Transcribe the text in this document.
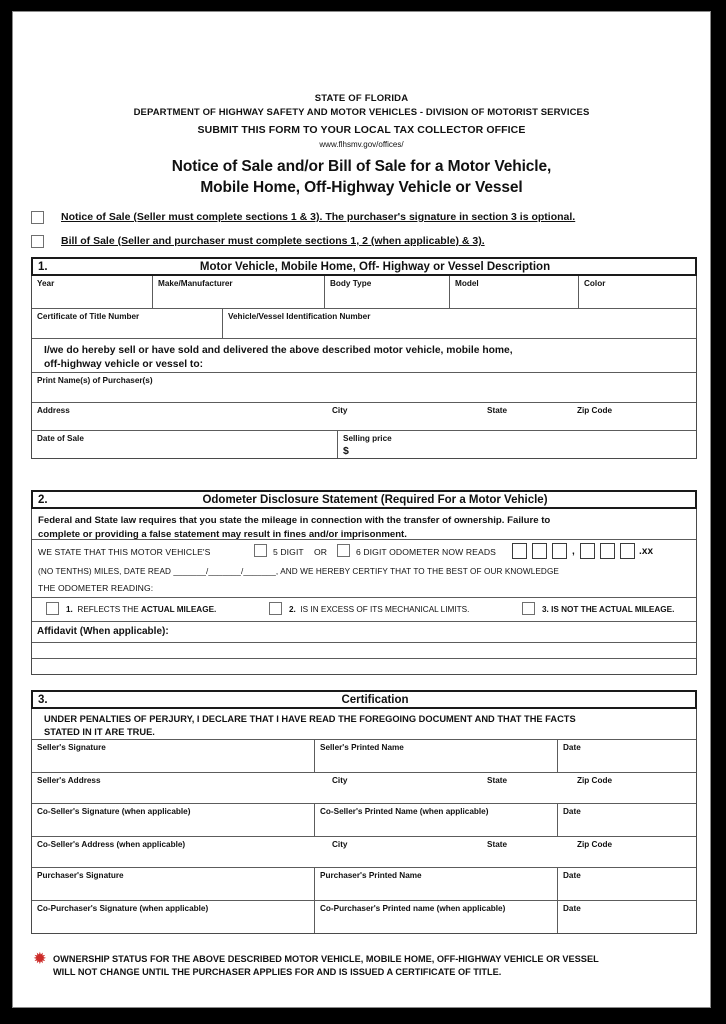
STATE OF FLORIDA
DEPARTMENT OF HIGHWAY SAFETY AND MOTOR VEHICLES - DIVISION OF MOTORIST SERVICES
SUBMIT THIS FORM TO YOUR LOCAL TAX COLLECTOR OFFICE
www.flhsmv.gov/offices/
Notice of Sale and/or Bill of Sale for a Motor Vehicle,
Mobile Home, Off-Highway Vehicle or Vessel
Notice of Sale (Seller must complete sections 1 & 3). The purchaser's signature in section 3 is optional.
Bill of Sale (Seller and purchaser must complete sections 1, 2 (when applicable) & 3).
1.	Motor Vehicle, Mobile Home, Off- Highway or Vessel Description
Year	Make/Manufacturer	Body Type	Model	Color
Certificate of Title Number	Vehicle/Vessel Identification Number
I/we do hereby sell or have sold and delivered the above described motor vehicle, mobile home,
off-highway vehicle or vessel to:
Print Name(s) of Purchaser(s)
Address	City	State	Zip Code
Date of Sale	Selling price
$
2.	Odometer Disclosure Statement (Required For a Motor Vehicle)
Federal and State law requires that you state the mileage in connection with the transfer of ownership. Failure to
complete or providing a false statement may result in fines and/or imprisonment.
WE STATE THAT THIS MOTOR VEHICLE'S	5 DIGIT OR	6 DIGIT ODOMETER NOW READS	,	.xx
(NO TENTHS) MILES, DATE READ _______/_______/_______, AND WE HEREBY CERTIFY THAT TO THE BEST OF OUR KNOWLEDGE
THE ODOMETER READING:
1. REFLECTS THE ACTUAL MILEAGE.	2. IS IN EXCESS OF ITS MECHANICAL LIMITS.	3. IS NOT THE ACTUAL MILEAGE.
Affidavit (When applicable):
3.	Certification
UNDER PENALTIES OF PERJURY, I DECLARE THAT I HAVE READ THE FOREGOING DOCUMENT AND THAT THE FACTS
STATED IN IT ARE TRUE.
Seller's Signature	Seller's Printed Name	Date
Seller's Address	City	State	Zip Code
Co-Seller's Signature (when applicable)	Co-Seller's Printed Name (when applicable)	Date
Co-Seller's Address (when applicable)	City	State	Zip Code
Purchaser's Signature	Purchaser's Printed Name	Date
Co-Purchaser's Signature (when applicable)	Co-Purchaser's Printed name (when applicable)	Date
✹ OWNERSHIP STATUS FOR THE ABOVE DESCRIBED MOTOR VEHICLE, MOBILE HOME, OFF-HIGHWAY VEHICLE OR VESSEL
WILL NOT CHANGE UNTIL THE PURCHASER APPLIES FOR AND IS ISSUED A CERTIFICATE OF TITLE.
